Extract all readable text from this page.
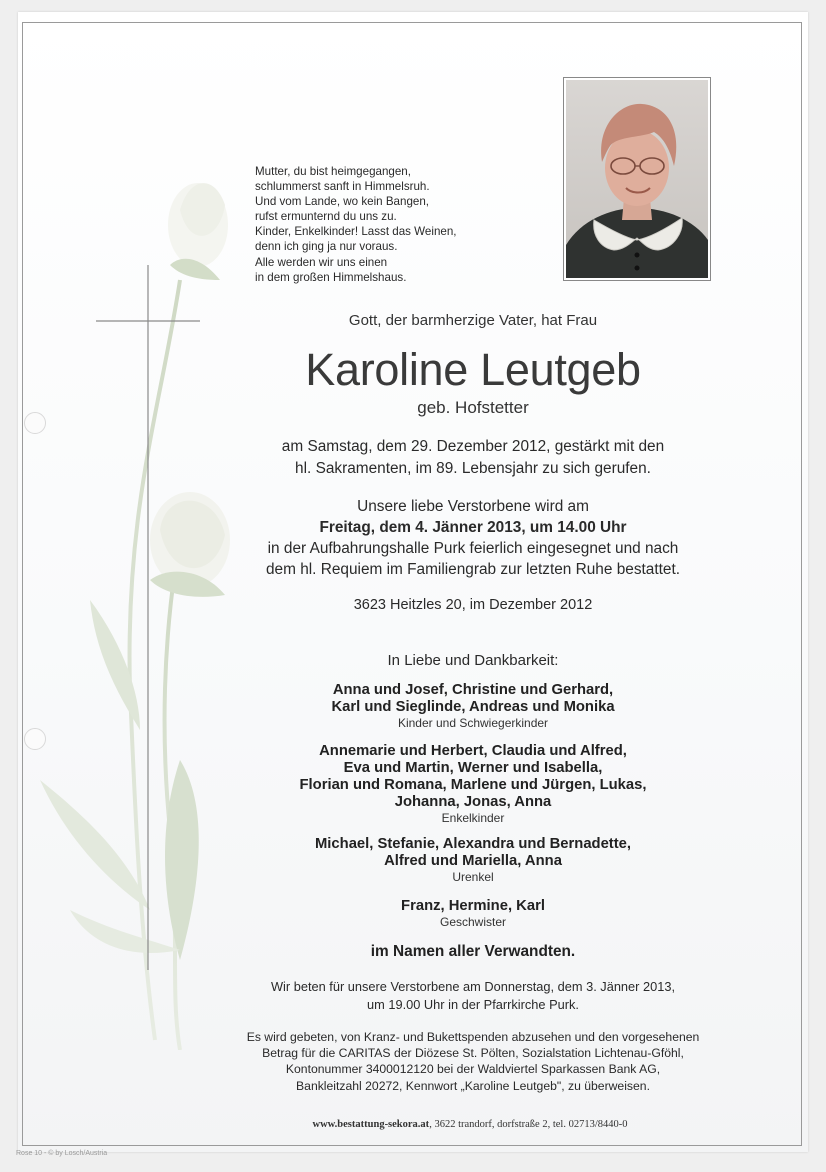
Mutter, du bist heimgegangen,
schlummerst sanft in Himmelsruh.
Und vom Lande, wo kein Bangen,
rufst ermunternd du uns zu.
Kinder, Enkelkinder! Lasst das Weinen,
denn ich ging ja nur voraus.
Alle werden wir uns einen
in dem großen Himmelshaus.
Gott, der barmherzige Vater, hat Frau
Karoline Leutgeb
geb. Hofstetter
am Samstag, dem 29. Dezember 2012, gestärkt mit den
hl. Sakramenten, im 89. Lebensjahr zu sich gerufen.
Unsere liebe Verstorbene wird am
Freitag, dem 4. Jänner 2013, um 14.00 Uhr
in der Aufbahrungshalle Purk feierlich eingesegnet und nach
dem hl. Requiem im Familiengrab zur letzten Ruhe bestattet.
3623 Heitzles 20, im Dezember 2012
In Liebe und Dankbarkeit:
Anna und Josef, Christine und Gerhard,
Karl und Sieglinde, Andreas und Monika
Kinder und Schwiegerkinder
Annemarie und Herbert, Claudia und Alfred,
Eva und Martin, Werner und Isabella,
Florian und Romana, Marlene und Jürgen, Lukas,
Johanna, Jonas, Anna
Enkelkinder
Michael, Stefanie, Alexandra und Bernadette,
Alfred und Mariella, Anna
Urenkel
Franz, Hermine, Karl
Geschwister
im Namen aller Verwandten.
Wir beten für unsere Verstorbene am Donnerstag, dem 3. Jänner 2013,
um 19.00 Uhr in der Pfarrkirche Purk.
Es wird gebeten, von Kranz- und Bukettspenden abzusehen und den vorgesehenen
Betrag für die CARITAS der Diözese St. Pölten, Sozialstation Lichtenau-Gföhl,
Kontonummer 3400012120 bei der Waldviertel Sparkassen Bank AG,
Bankleitzahl 20272, Kennwort „Karoline Leutgeb", zu überweisen.
www.bestattung-sekora.at, 3622 trandorf, dorfstraße 2, tel. 02713/8440-0
Rose 10 - © by Losch/Austria
